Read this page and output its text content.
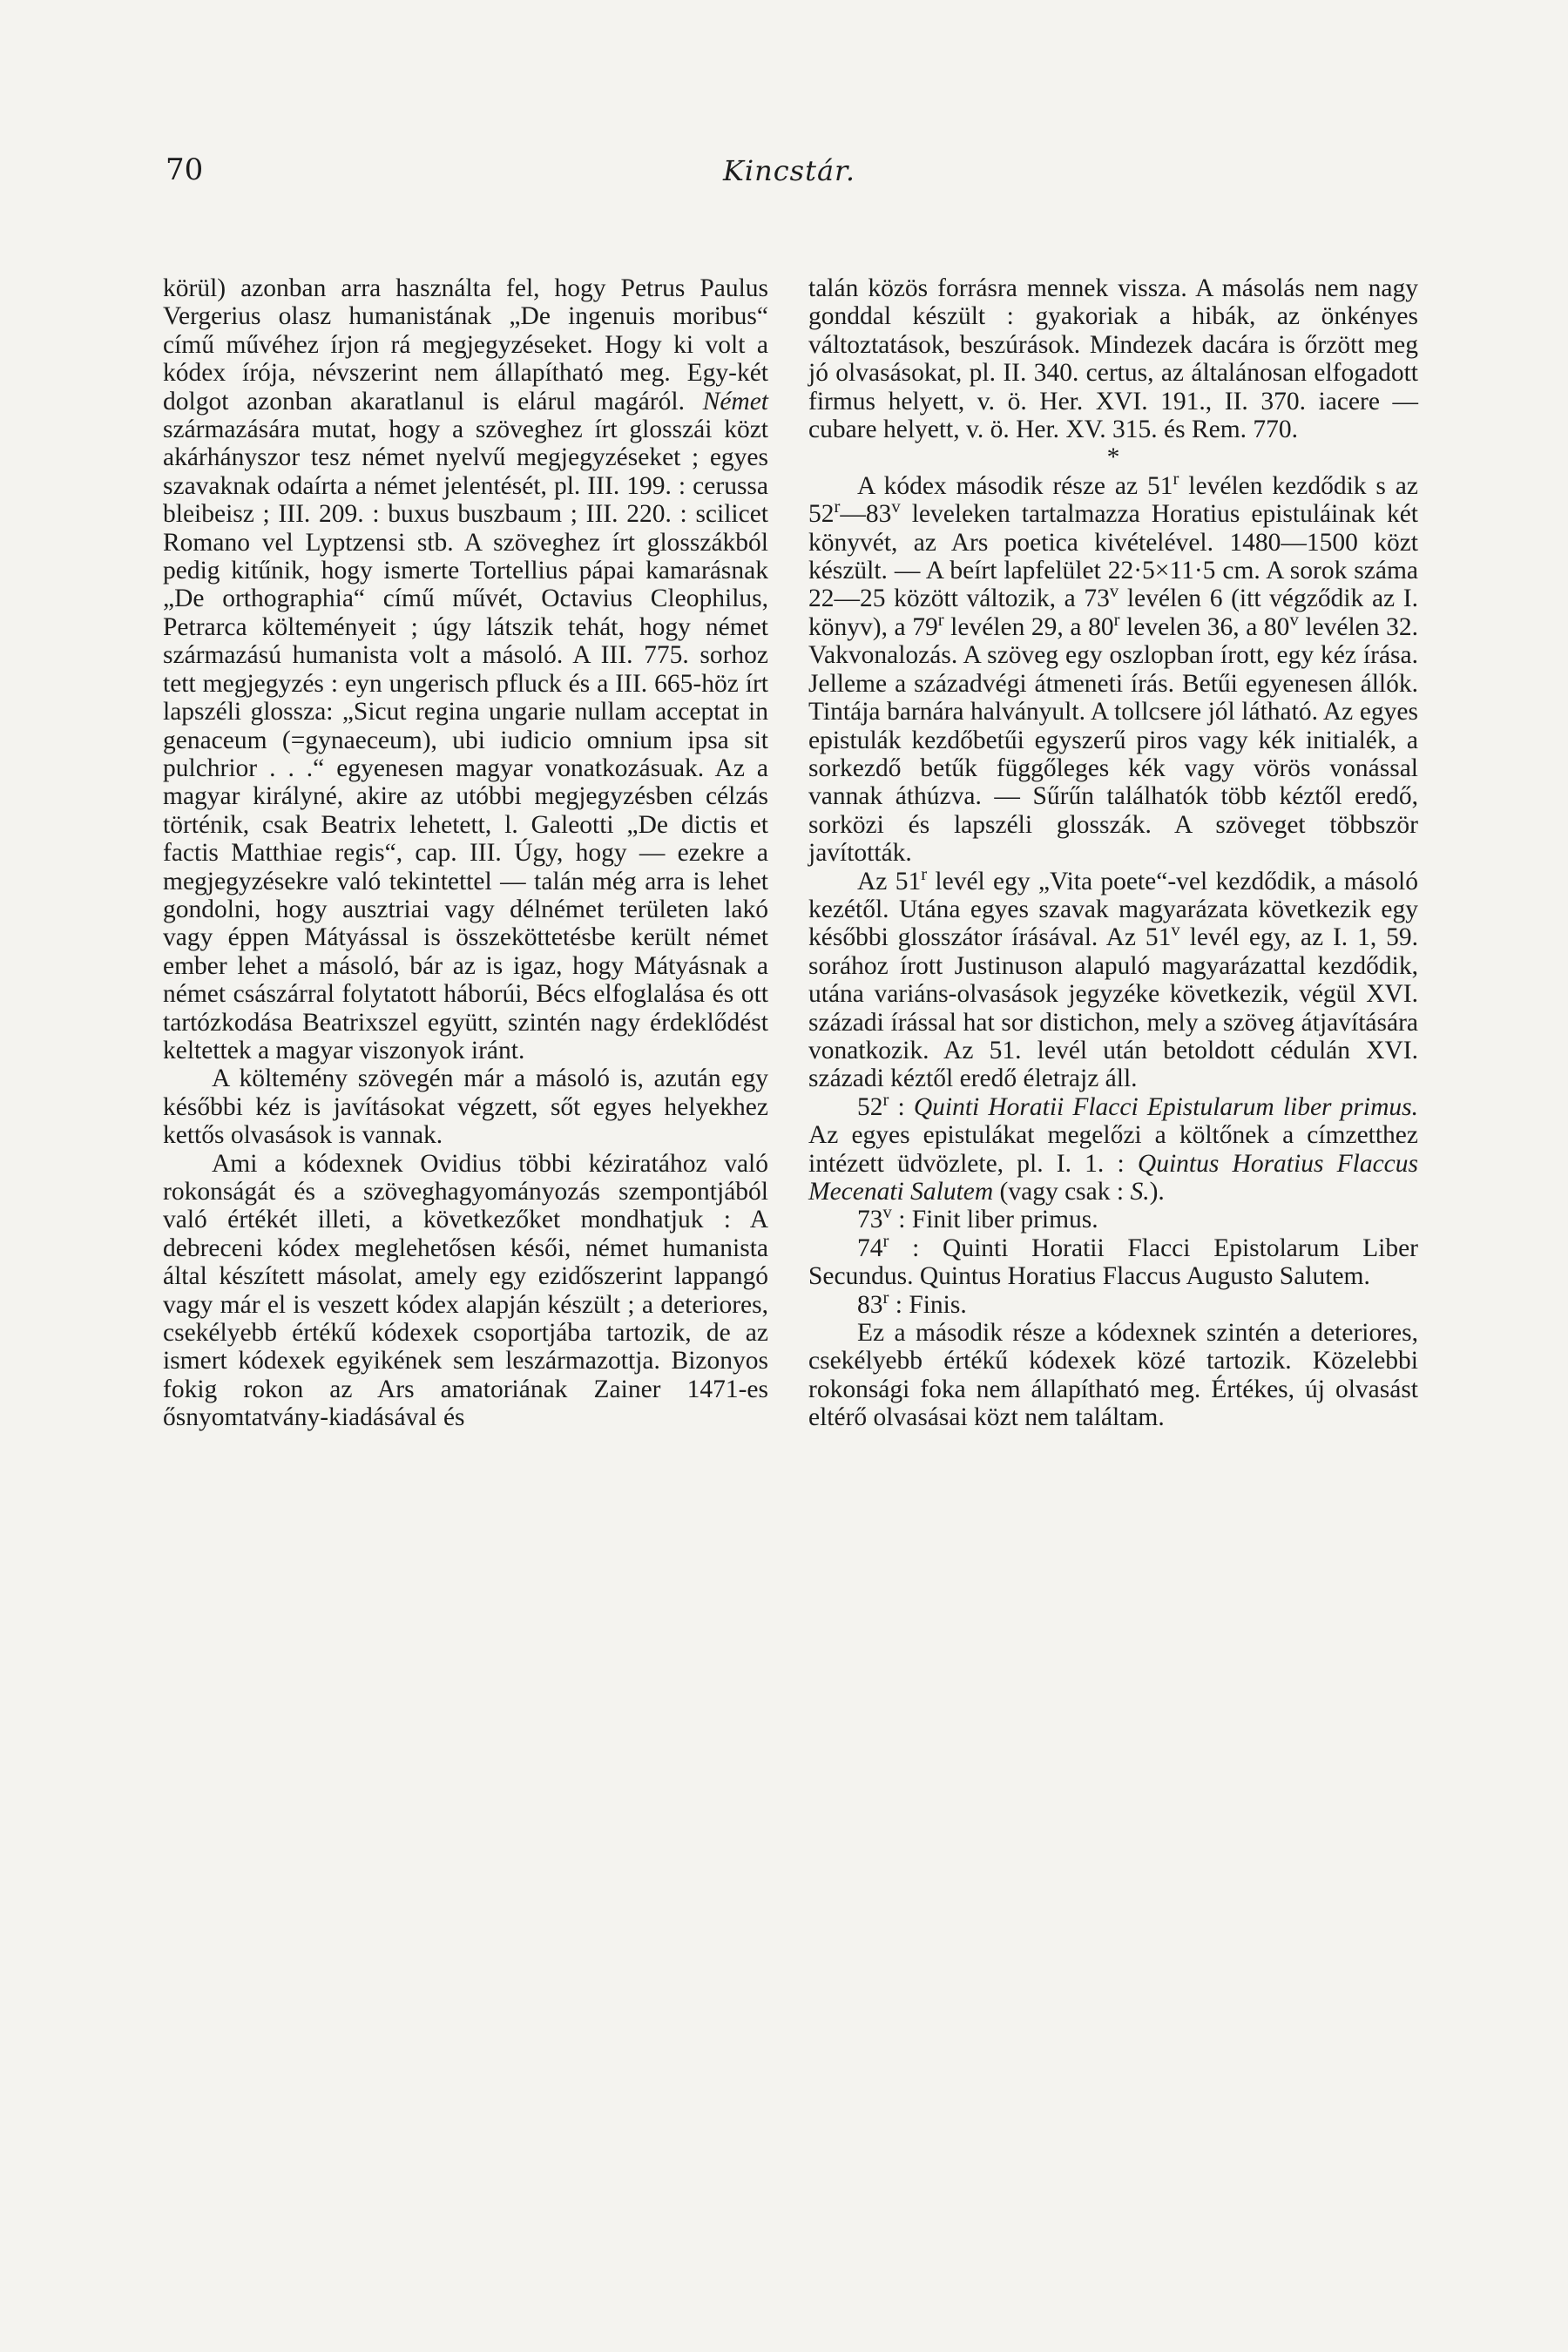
70	Kincstár.

körül) azonban arra használta fel, hogy Petrus Paulus Vergerius olasz humanistának „De ingenuis moribus“ című művéhez írjon rá megjegyzéseket. Hogy ki volt a kódex írója, névszerint nem állapítható meg. Egy-két dolgot azonban akaratlanul is elárul magáról. Német származására mutat, hogy a szöveghez írt glosszái közt akárhányszor tesz német nyelvű megjegyzéseket ; egyes szavaknak odaírta a német jelentését, pl. III. 199. : cerussa bleibeisz ; III. 209. : buxus buszbaum ; III. 220. : scilicet Romano vel Lyptzensi stb. A szöveghez írt glosszákból pedig kitűnik, hogy ismerte Tortellius pápai kamarásnak „De orthographia“ című művét, Octavius Cleophilus, Petrarca költeményeit ; úgy látszik tehát, hogy német származású humanista volt a másoló. A III. 775. sorhoz tett megjegyzés : eyn ungerisch pfluck és a III. 665-höz írt lapszéli glossza: „Sicut regina ungarie nullam acceptat in genaceum (=gynaeceum), ubi iudicio omnium ipsa sit pulchrior . . .“ egyenesen magyar vonatkozásuak. Az a magyar királyné, akire az utóbbi megjegyzésben célzás történik, csak Beatrix lehetett, l. Galeotti „De dictis et factis Matthiae regis“, cap. III. Úgy, hogy — ezekre a megjegyzésekre való tekintettel — talán még arra is lehet gondolni, hogy ausztriai vagy délnémet területen lakó vagy éppen Mátyással is összeköttetésbe került német ember lehet a másoló, bár az is igaz, hogy Mátyásnak a német császárral folytatott háborúi, Bécs elfoglalása és ott tartózkodása Beatrixszel együtt, szintén nagy érdeklődést keltettek a magyar viszonyok iránt.

A költemény szövegén már a másoló is, azután egy későbbi kéz is javításokat végzett, sőt egyes helyekhez kettős olvasások is vannak.

Ami a kódexnek Ovidius többi kéziratához való rokonságát és a szöveghagyományozás szempontjából való értékét illeti, a következőket mondhatjuk : A debreceni kódex meglehetősen késői, német humanista által készített másolat, amely egy ezidőszerint lappangó vagy már el is veszett kódex alapján készült ; a deteriores, csekélyebb értékű kódexek csoportjába tartozik, de az ismert kódexek egyikének sem leszármazottja. Bizonyos fokig rokon az Ars amatoriának Zainer 1471-es ősnyomtatvány-kiadásával és

talán közös forrásra mennek vissza. A másolás nem nagy gonddal készült : gyakoriak a hibák, az önkényes változtatások, beszúrások. Mindezek dacára is őrzött meg jó olvasásokat, pl. II. 340. certus, az általánosan elfogadott firmus helyett, v. ö. Her. XVI. 191., II. 370. iacere — cubare helyett, v. ö. Her. XV. 315. és Rem. 770.

*

A kódex második része az 51$^r$ levélen kezdődik s az 52$^r$—83$^v$ leveleken tartalmazza Horatius epistuláinak két könyvét, az Ars poetica kivételével. 1480—1500 közt készült. — A beírt lapfelület 22·5×11·5 cm. A sorok száma 22—25 között változik, a 73$^v$ levélen 6 (itt végződik az I. könyv), a 79$^r$ levélen 29, a 80$^r$ levelen 36, a 80$^v$ levélen 32. Vakvonalozás. A szöveg egy oszlopban írott, egy kéz írása. Jelleme a századvégi átmeneti írás. Betűi egyenesen állók. Tintája barnára halványult. A tollcsere jól látható. Az egyes epistulák kezdőbetűi egyszerű piros vagy kék initialék, a sorkezdő betűk függőleges kék vagy vörös vonással vannak áthúzva. — Sűrűn találhatók több kéztől eredő, sorközi és lapszéli glosszák. A szöveget többször javították.

Az 51$^r$ levél egy „Vita poete“-vel kezdődik, a másoló kezétől. Utána egyes szavak magyarázata következik egy későbbi glosszátor írásával. Az 51$^v$ levél egy, az I. 1, 59. sorához írott Justinuson alapuló magyarázattal kezdődik, utána variáns-olvasások jegyzéke következik, végül XVI. századi írással hat sor distichon, mely a szöveg átjavítására vonatkozik. Az 51. levél után betoldott cédulán XVI. századi kéztől eredő életrajz áll.

52$^r$ : Quinti Horatii Flacci Epistularum liber primus. Az egyes epistulákat megelőzi a költőnek a címzetthez intézett üdvözlete, pl. I. 1. : Quintus Horatius Flaccus Mecenati Salutem (vagy csak : S.).

73$^v$ : Finit liber primus.

74$^r$ : Quinti Horatii Flacci Epistolarum Liber Secundus. Quintus Horatius Flaccus Augusto Salutem.

83$^r$ : Finis.

Ez a második része a kódexnek szintén a deteriores, csekélyebb értékű kódexek közé tartozik. Közelebbi rokonsági foka nem állapítható meg. Értékes, új olvasást eltérő olvasásai közt nem találtam.
